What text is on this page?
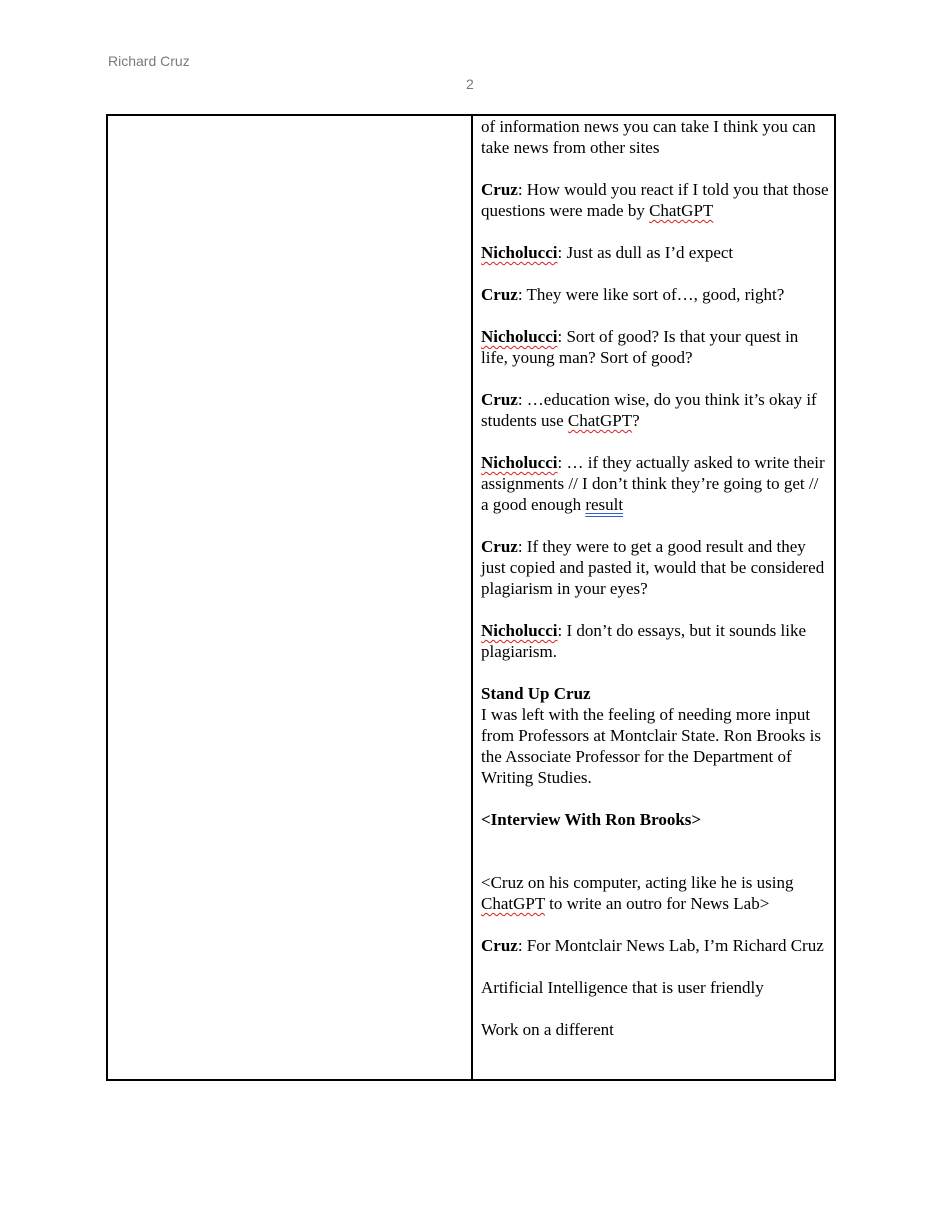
Richard Cruz
2

of information news you can take I think you can take news from other sites

Cruz: How would you react if I told you that those questions were made by ChatGPT

Nicholucci: Just as dull as I’d expect

Cruz: They were like sort of…, good, right?

Nicholucci: Sort of good? Is that your quest in life, young man? Sort of good?

Cruz: …education wise, do you think it’s okay if students use ChatGPT?

Nicholucci: … if they actually asked to write their assignments // I don’t think they’re going to get // a good enough result

Cruz: If they were to get a good result and they just copied and pasted it, would that be considered plagiarism in your eyes?

Nicholucci: I don’t do essays, but it sounds like plagiarism.

Stand Up Cruz

I was left with the feeling of needing more input from Professors at Montclair State. Ron Brooks is the Associate Professor for the Department of Writing Studies.

<Interview With Ron Brooks>

<Cruz on his computer, acting like he is using ChatGPT to write an outro for News Lab>

Cruz: For Montclair News Lab, I’m Richard Cruz

Artificial Intelligence that is user friendly

Work on a different
